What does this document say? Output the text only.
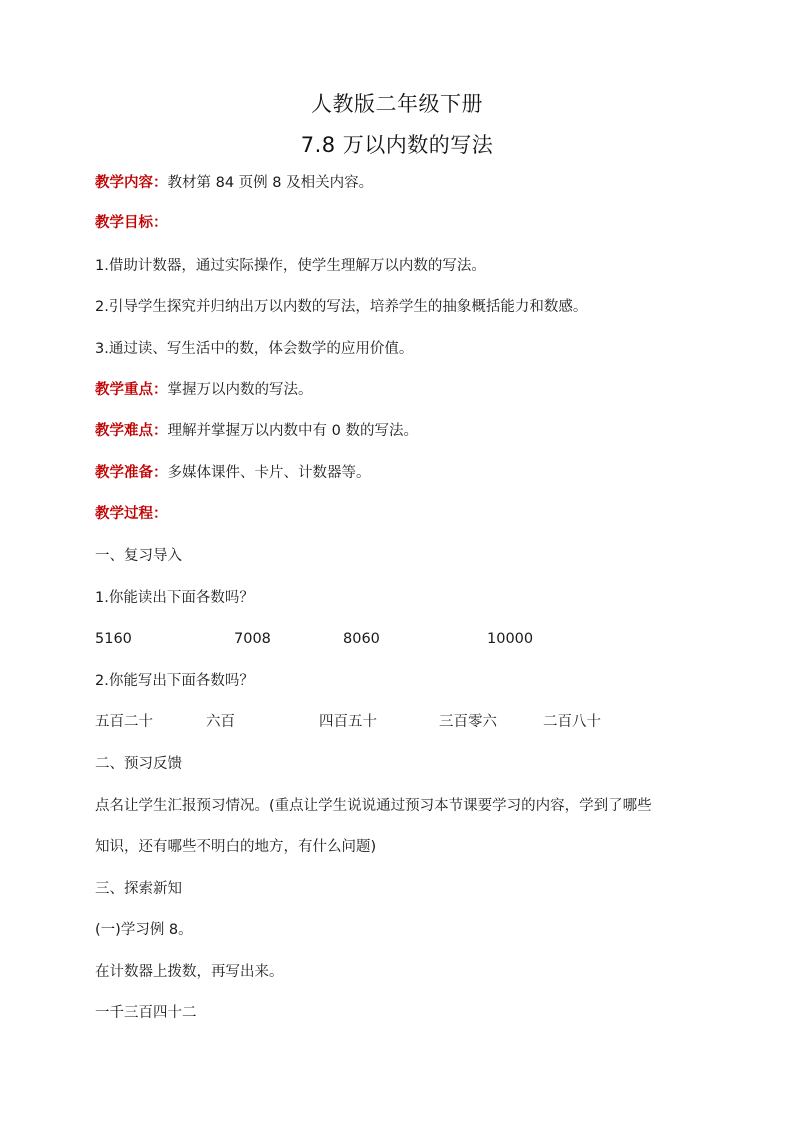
人教版二年级下册
7.8 万以内数的写法
教学内容：教材第 84 页例 8 及相关内容。
教学目标：
1.借助计数器，通过实际操作，使学生理解万以内数的写法。
2.引导学生探究并归纳出万以内数的写法，培养学生的抽象概括能力和数感。
3.通过读、写生活中的数，体会数学的应用价值。
教学重点：掌握万以内数的写法。
教学难点：理解并掌握万以内数中有 0 数的写法。
教学准备：多媒体课件、卡片、计数器等。
教学过程：
一、复习导入
1.你能读出下面各数吗？
5160	7008	8060	10000
2.你能写出下面各数吗？
五百二十	六百	四百五十	三百零六	二百八十
二、预习反馈
点名让学生汇报预习情况。(重点让学生说说通过预习本节课要学习的内容，学到了哪些
知识，还有哪些不明白的地方，有什么问题)
三、探索新知
(一)学习例 8。
在计数器上拨数，再写出来。
一千三百四十二
